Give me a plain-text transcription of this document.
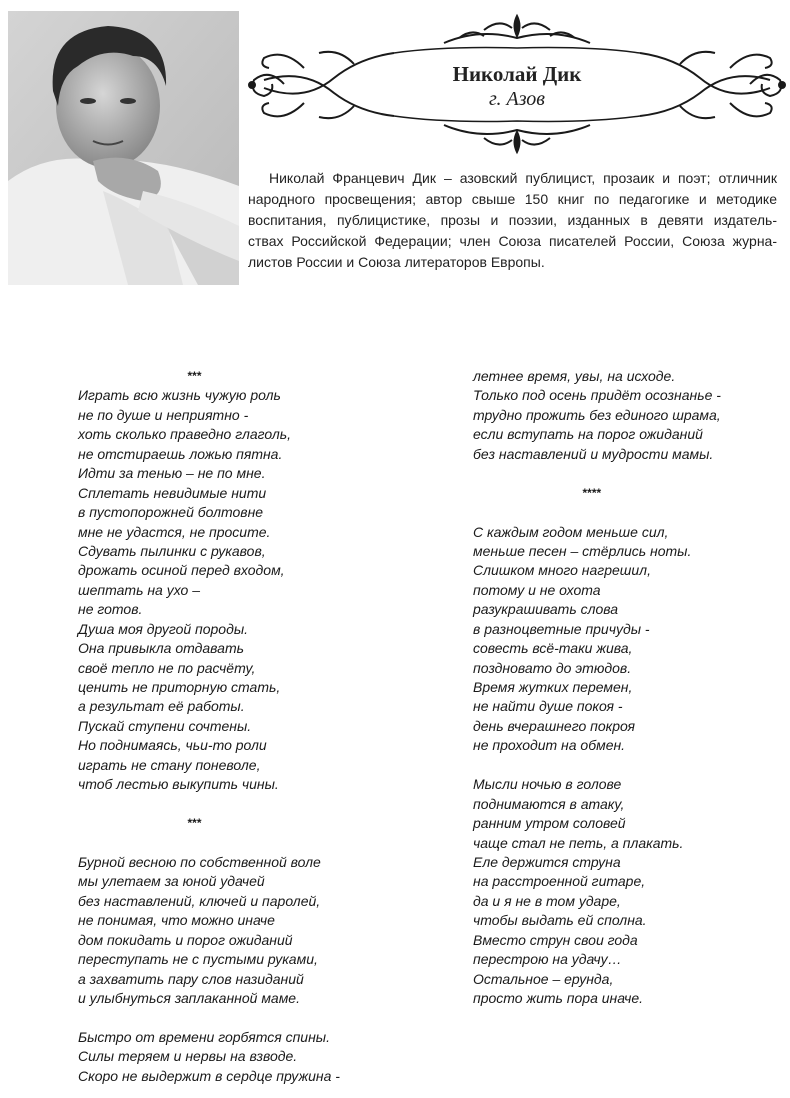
Николай Дик
г. Азов
Николай Францевич Дик – азовский публицист, прозаик и поэт; отличник
народного просвещения; автор свыше 150 книг по педагогике и методике
воспитания, публицистике, прозы и поэзии, изданных в девяти издатель-
ствах Российской Федерации; член Союза писателей России, Союза журна-
листов России и Союза литераторов Европы.
***
Играть всю жизнь чужую роль
не по душе и неприятно -
хоть сколько праведно глаголь,
не отстираешь ложью пятна.
Идти за тенью – не по мне.
Сплетать невидимые нити
в пустопорожней болтовне
мне не удастся, не просите.
Сдувать пылинки с рукавов,
дрожать осиной перед входом,
шептать на ухо –
не готов.
Душа моя другой породы.
Она привыкла отдавать
своё тепло не по расчёту,
ценить не приторную стать,
а результат её работы.
Пускай ступени сочтены.
Но поднимаясь, чьи-то роли
играть не стану поневоле,
чтоб лестью выкупить чины.
***
Бурной весною по собственной воле
мы улетаем за юной удачей
без наставлений, ключей и паролей,
не понимая, что можно иначе
дом покидать и порог ожиданий
переступать не с пустыми руками,
а захватить пару слов назиданий
и улыбнуться заплаканной маме.
Быстро от времени горбятся спины.
Силы теряем и нервы на взводе.
Скоро не выдержит в сердце пружина -
летнее время, увы, на исходе.
Только под осень придёт осознанье -
трудно прожить без единого шрама,
если вступать на порог ожиданий
без наставлений и мудрости мамы.
****
С каждым годом меньше сил,
меньше песен – стёрлись ноты.
Слишком много нагрешил,
потому и не охота
разукрашивать слова
в разноцветные причуды -
совесть всё-таки жива,
поздновато до этюдов.
Время жутких перемен,
не найти душе покоя -
день вчерашнего покроя
не проходит на обмен.
Мысли ночью в голове
поднимаются в атаку,
ранним утром соловей
чаще стал не петь, а плакать.
Еле держится струна
на расстроенной гитаре,
да и я не в том ударе,
чтобы выдать ей сполна.
Вместо струн свои года
перестрою на удачу…
Остальное – ерунда,
просто жить пора иначе.
